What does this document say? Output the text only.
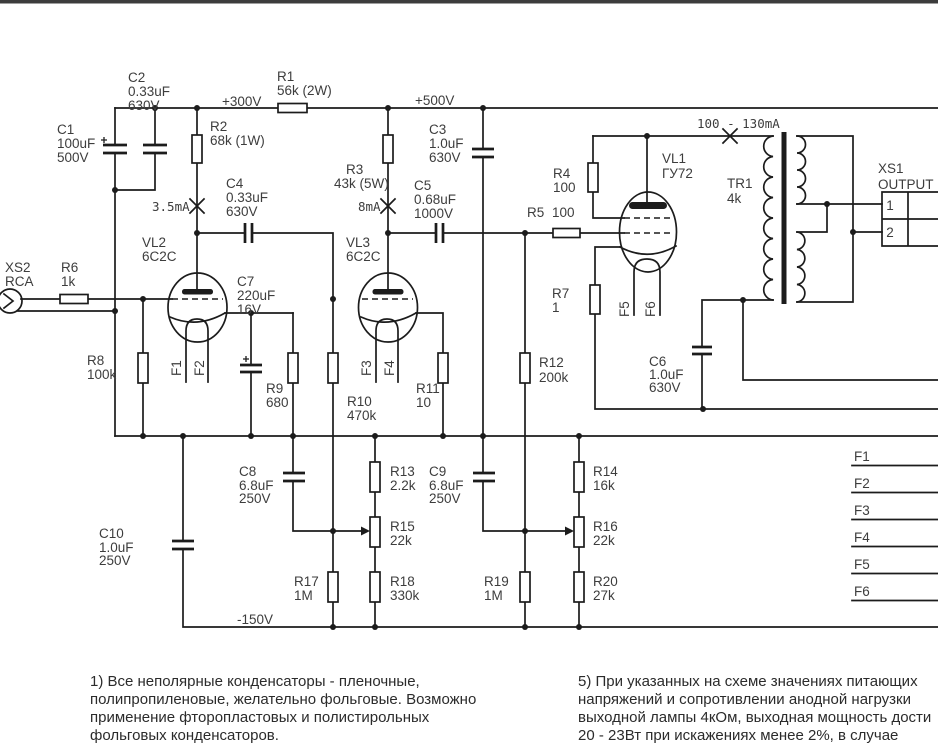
C1
100uF
500V
C2
0.33uF
630V
R1
56k (2W)
+300V
R2
68k (1W)
+500V
C3
1.0uF
630V
R3
43k (5W)
C4
0.33uF
630V
C5
0.68uF
1000V
R4
100
R5 100
VL2
6C2C
VL3
6C2C
VL1
ГУ72
TR1
4k
XS2
RCA
R6
1k
R8
100k
C7
220uF
16V
R9
680	R10
470k
R11
10
R12
200k
R7
1
C6
1.0uF
630V
XS1
OUTPUT
1
2
C8
6.8uF
250V
C9
6.8uF
250V
C10
1.0uF
250V
R13
2.2k
R14
16k
R15
22k
R16
22k
R17
1M
R18
330k
R19
1M
R20
27k
-150V
3.5mA	8mA
100 - 130mA
F1 F2	F3 F4
F5 F6
F1
F2
F3
F4
F5
F6
1) Все неполярные конденсаторы - пленочные,
полипропиленовые, желательно фольговые. Возможно
применение фторопластовых и полистирольных
фольговых конденсаторов.
5) При указанных на схеме значениях питающих
напряжений и сопротивлении анодной нагрузки
выходной лампы 4кОм, выходная мощность дости
20 - 23Вт при искажениях менее 2%, в случае
